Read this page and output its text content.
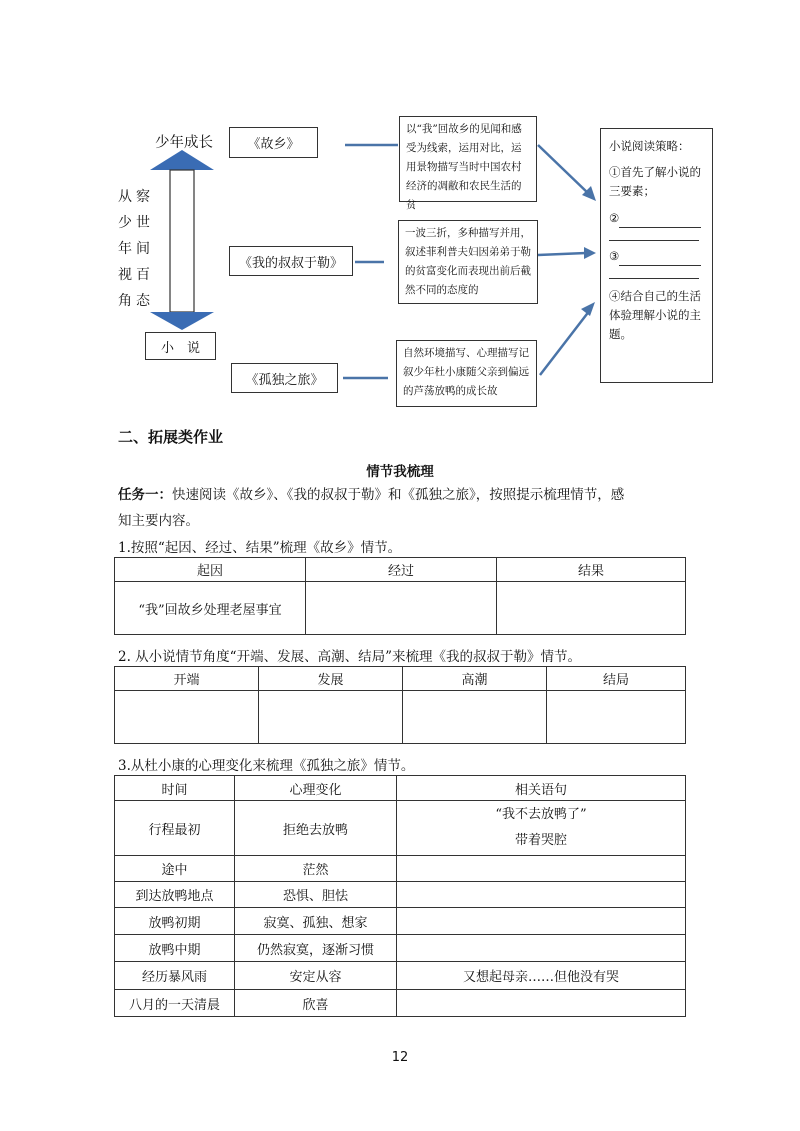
少年成长
从
少
年
视
角
察
世
间
百
态
小　说
《故乡》
《我的叔叔于勒》
《孤独之旅》
以“我”回故乡的见闻和感受为线索，运用对比，运用景物描写当时中国农村经济的凋敝和农民生活的贫
一波三折，多种描写并用，叙述菲利普夫妇因弟弟于勒的贫富变化而表现出前后截然不同的态度的
自然环境描写、心理描写记叙少年杜小康随父亲到偏远的芦荡放鸭的成长故
小说阅读策略：
①首先了解小说的三要素；
②
③
④结合自己的生活体验理解小说的主题。
二、拓展类作业
情节我梳理
任务一：快速阅读《故乡》、《我的叔叔于勒》和《孤独之旅》，按照提示梳理情节，感
知主要内容。
1.按照“起因、经过、结果”梳理《故乡》情节。
起因	经过	结果
“我”回故乡处理老屋事宜		
2. 从小说情节角度“开端、发展、高潮、结局”来梳理《我的叔叔于勒》情节。
开端	发展	高潮	结局

3.从杜小康的心理变化来梳理《孤独之旅》情节。
时间	心理变化	相关语句
行程最初	拒绝去放鸭	“我不去放鸭了”
带着哭腔

途中	茫然	
到达放鸭地点	恐惧、胆怯	
放鸭初期	寂寞、孤独、想家	
放鸭中期	仍然寂寞，逐渐习惯	
经历暴风雨	安定从容	又想起母亲……但他没有哭
八月的一天清晨	欣喜	
12
